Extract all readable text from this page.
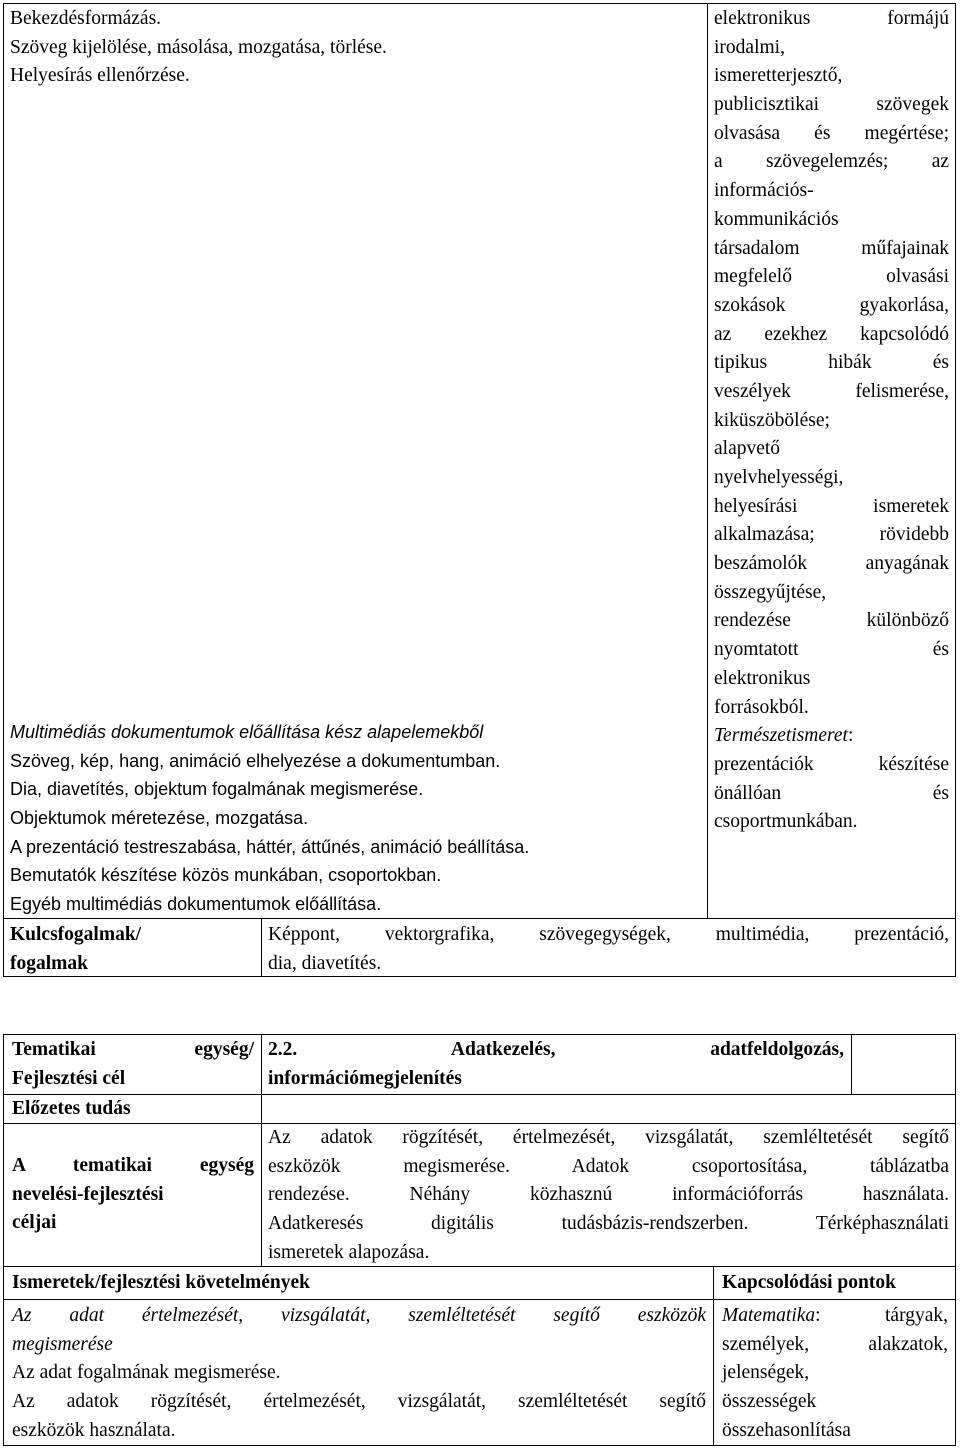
Bekezdésformázás.
Szöveg kijelölése, másolása, mozgatása, törlése.
Helyesírás ellenőrzése.
elektronikus formájú
irodalmi,
ismeretterjesztő,
publicisztikai szövegek
olvasása és megértése;
a szövegelemzés; az
információs-
kommunikációs
társadalom műfajainak
megfelelő olvasási
szokások gyakorlása,
az ezekhez kapcsolódó
tipikus hibák és
veszélyek felismerése,
kiküszöbölése;
alapvető
nyelvhelyességi,
helyesírási ismeretek
alkalmazása; rövidebb
beszámolók anyagának
összegyűjtése,
rendezése különböző
nyomtatott és
elektronikus
forrásokból.
Természetismeret:
prezentációk készítése
önállóan és
csoportmunkában.
Multimédiás dokumentumok előállítása kész alapelemekből
Szöveg, kép, hang, animáció elhelyezése a dokumentumban.
Dia, diavetítés, objektum fogalmának megismerése.
Objektumok méretezése, mozgatása.
A prezentáció testreszabása, háttér, áttűnés, animáció beállítása.
Bemutatók készítése közös munkában, csoportokban.
Egyéb multimédiás dokumentumok előállítása.
Kulcsfogalmak/
fogalmak
Képpont, vektorgrafika, szövegegységek, multimédia, prezentáció,
dia, diavetítés.
Tematikai egység/
Fejlesztési cél
2.2. Adatkezelés, adatfeldolgozás,
információmegjelenítés
Előzetes tudás
A tematikai egység
nevelési-fejlesztési
céljai
Az adatok rögzítését, értelmezését, vizsgálatát, szemléltetését segítő
eszközök megismerése. Adatok csoportosítása, táblázatba
rendezése. Néhány közhasznú információforrás használata.
Adatkeresés digitális tudásbázis-rendszerben. Térképhasználati
ismeretek alapozása.
Ismeretek/fejlesztési követelmények	Kapcsolódási pontok
Az adat értelmezését, vizsgálatát, szemléltetését segítő eszközök
megismerése
Az adat fogalmának megismerése.
Az adatok rögzítését, értelmezését, vizsgálatát, szemléltetését segítő
eszközök használata.
Matematika: tárgyak,
személyek, alakzatok,
jelenségek,
összességek
összehasonlítása
